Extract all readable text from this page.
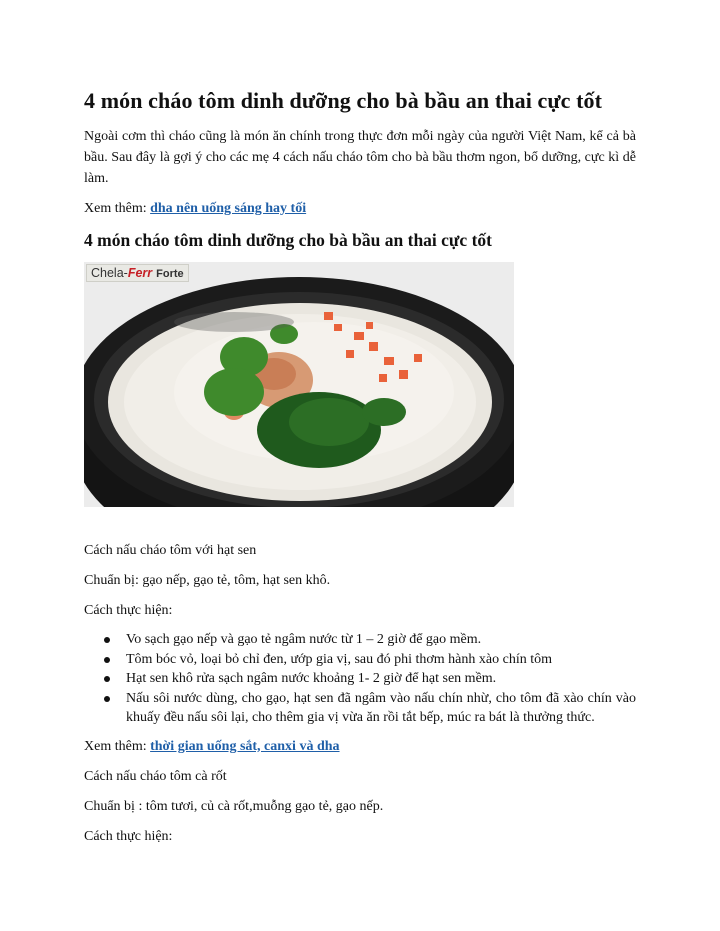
4 món cháo tôm dinh dưỡng cho bà bầu an thai cực tốt

Ngoài cơm thì cháo cũng là món ăn chính trong thực đơn mỗi ngày của người Việt Nam, kể cả bà bầu. Sau đây là gợi ý cho các mẹ 4 cách nấu cháo tôm cho bà bầu thơm ngon, bổ dưỡng, cực kì dễ làm.

Xem thêm: dha nên uống sáng hay tối

4 món cháo tôm dinh dưỡng cho bà bầu an thai cực tốt
Chela-Ferr Forte

Cách nấu cháo tôm với hạt sen

Chuẩn bị: gạo nếp, gạo tẻ, tôm, hạt sen khô.

Cách thực hiện:

Vo sạch gạo nếp và gạo tẻ ngâm nước từ 1 – 2 giờ để gạo mềm.
Tôm bóc vỏ, loại bỏ chỉ đen, ướp gia vị, sau đó phi thơm hành xào chín tôm
Hạt sen khô rửa sạch ngâm nước khoảng 1- 2 giờ để hạt sen mềm.
Nấu sôi nước dùng, cho gạo, hạt sen đã ngâm vào nấu chín nhừ, cho tôm đã xào chín vào khuấy đều nấu sôi lại, cho thêm gia vị vừa ăn rồi tắt bếp, múc ra bát là thưởng thức.

Xem thêm: thời gian uống sắt, canxi và dha

Cách nấu cháo tôm cà rốt

Chuẩn bị : tôm tươi, củ cà rốt,muỗng gạo tẻ, gạo nếp.

Cách thực hiện:
